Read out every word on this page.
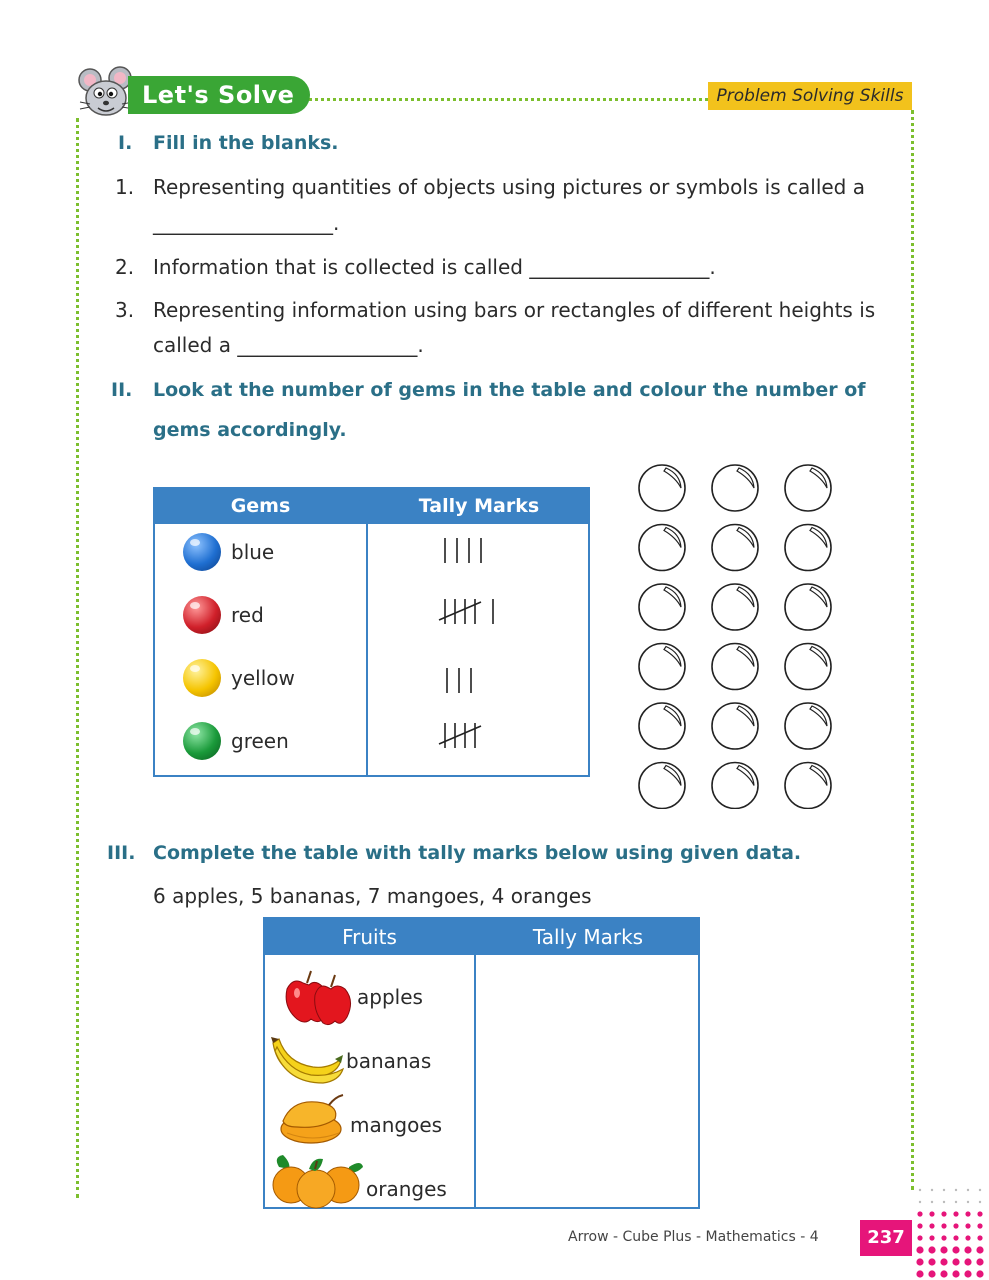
Let's Solve	Problem Solving Skills
I. Fill in the blanks.
1. Representing quantities of objects using pictures or symbols is called a
__________________.
2. Information that is collected is called __________________.
3. Representing information using bars or rectangles of different heights is
called a __________________.
II. Look at the number of gems in the table and colour the number of
gems accordingly.
Gems	Tally Marks
blue
red
yellow
green
III. Complete the table with tally marks below using given data.
6 apples, 5 bananas, 7 mangoes, 4 oranges
Fruits	Tally Marks
apples
bananas
mangoes
oranges
Arrow - Cube Plus - Mathematics - 4	237
